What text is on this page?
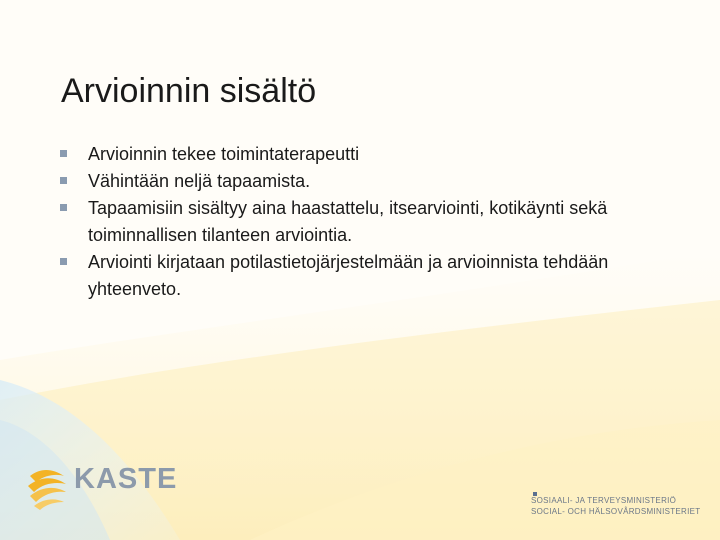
Arvioinnin sisältö
Arvioinnin tekee toimintaterapeutti
Vähintään neljä tapaamista.
Tapaamisiin sisältyy aina haastattelu, itsearviointi, kotikäynti sekä toiminnallisen tilanteen arviointia.
Arviointi kirjataan potilastietojärjestelmään ja arvioinnista tehdään yhteenveto.
KASTE
SOSIAALI- JA TERVEYSMINISTERIÖ
SOCIAL- OCH HÄLSOVÅRDSMINISTERIET
